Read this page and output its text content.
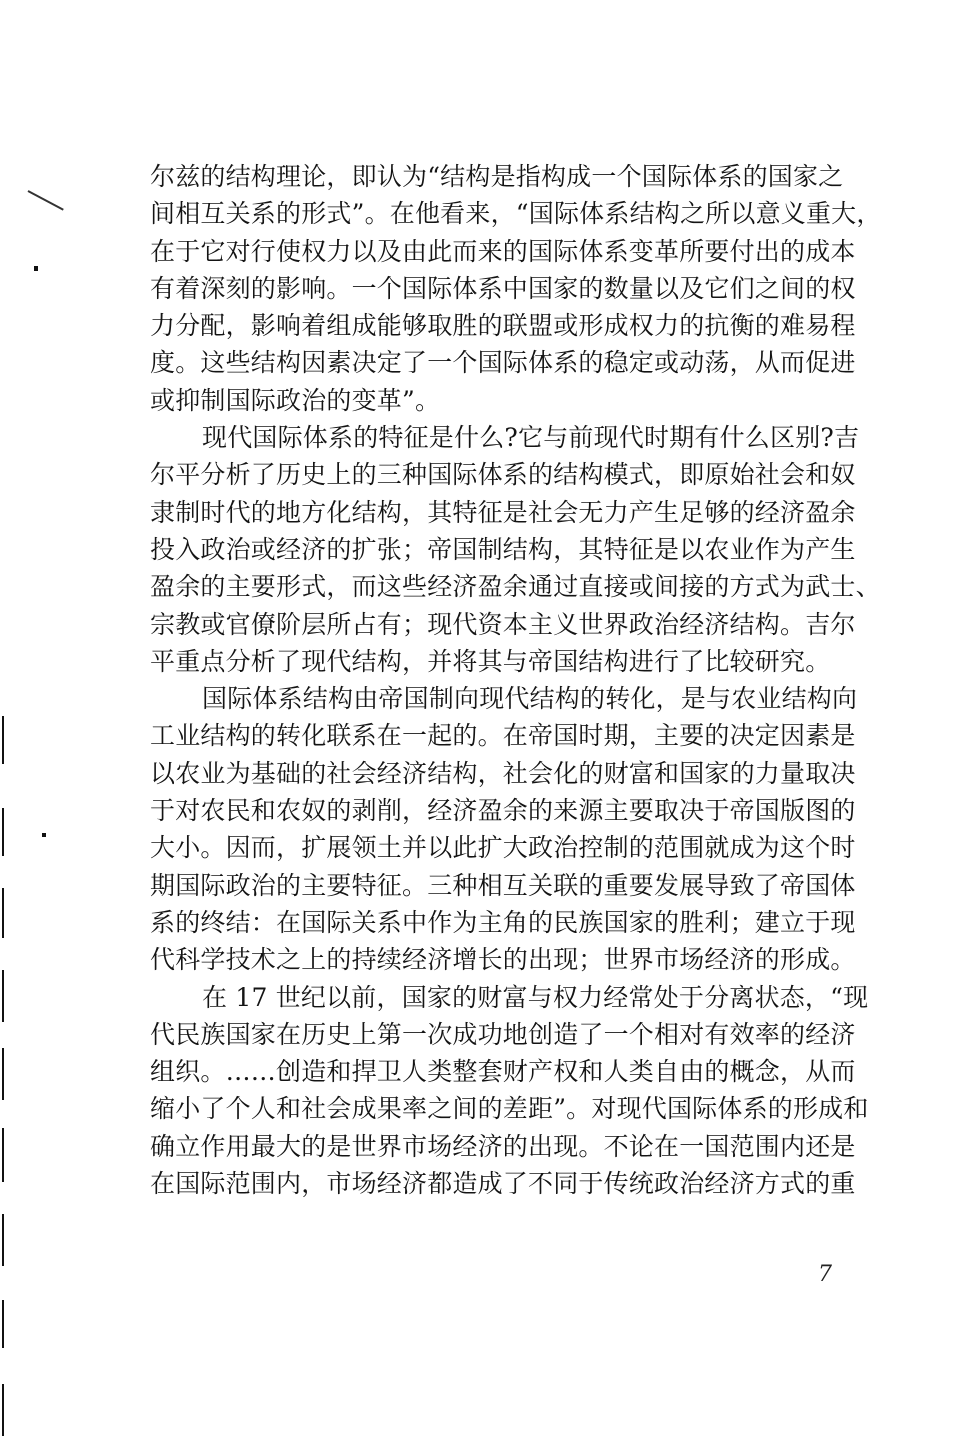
尔兹的结构理论，即认为“结构是指构成一个国际体系的国家之
间相互关系的形式”。在他看来，“国际体系结构之所以意义重大，
在于它对行使权力以及由此而来的国际体系变革所要付出的成本
有着深刻的影响。一个国际体系中国家的数量以及它们之间的权
力分配，影响着组成能够取胜的联盟或形成权力的抗衡的难易程
度。这些结构因素决定了一个国际体系的稳定或动荡，从而促进
或抑制国际政治的变革”。
现代国际体系的特征是什么?它与前现代时期有什么区别?吉
尔平分析了历史上的三种国际体系的结构模式，即原始社会和奴
隶制时代的地方化结构，其特征是社会无力产生足够的经济盈余
投入政治或经济的扩张；帝国制结构，其特征是以农业作为产生
盈余的主要形式，而这些经济盈余通过直接或间接的方式为武士、
宗教或官僚阶层所占有；现代资本主义世界政治经济结构。吉尔
平重点分析了现代结构，并将其与帝国结构进行了比较研究。
国际体系结构由帝国制向现代结构的转化，是与农业结构向
工业结构的转化联系在一起的。在帝国时期，主要的决定因素是
以农业为基础的社会经济结构，社会化的财富和国家的力量取决
于对农民和农奴的剥削，经济盈余的来源主要取决于帝国版图的
大小。因而，扩展领土并以此扩大政治控制的范围就成为这个时
期国际政治的主要特征。三种相互关联的重要发展导致了帝国体
系的终结：在国际关系中作为主角的民族国家的胜利；建立于现
代科学技术之上的持续经济增长的出现；世界市场经济的形成。
在 17 世纪以前，国家的财富与权力经常处于分离状态，“现
代民族国家在历史上第一次成功地创造了一个相对有效率的经济
组织。……创造和捍卫人类整套财产权和人类自由的概念，从而
缩小了个人和社会成果率之间的差距”。对现代国际体系的形成和
确立作用最大的是世界市场经济的出现。不论在一国范围内还是
在国际范围内，市场经济都造成了不同于传统政治经济方式的重
7
